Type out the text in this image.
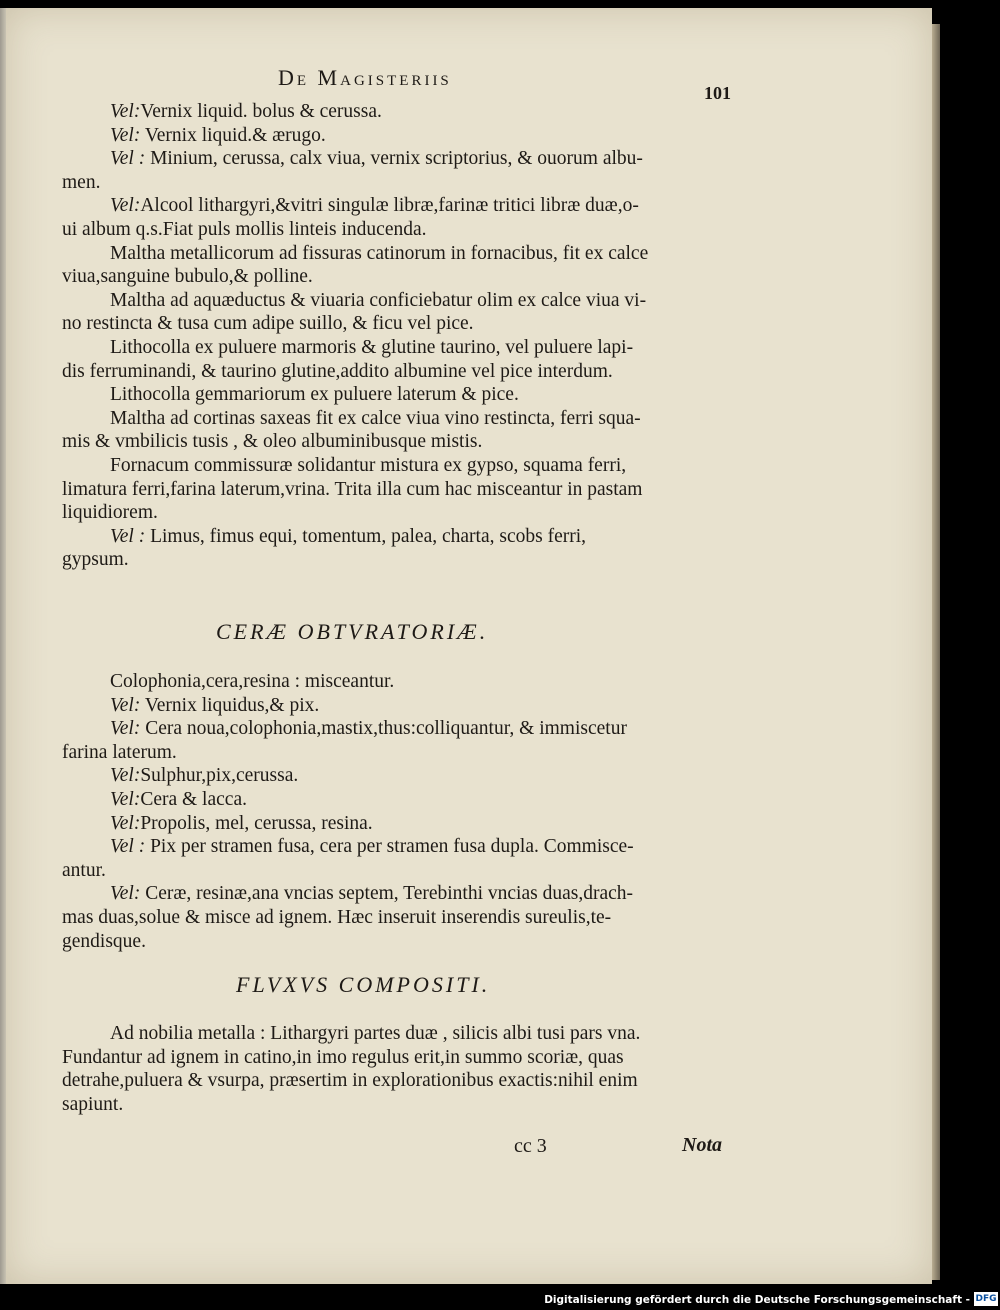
De Magisteriis
101
Vel:Vernix liquid. bolus & cerussa.
Vel: Vernix liquid.& ærugo.
Vel : Minium, cerussa, calx viua, vernix scriptorius, & ouorum albu-
men.
Vel:Alcool lithargyri,&vitri singulæ libræ,farinæ tritici libræ duæ,o-
ui album q.s.Fiat puls mollis linteis inducenda.
Maltha metallicorum ad fissuras catinorum in fornacibus, fit ex calce
viua,sanguine bubulo,& polline.
Maltha ad aquæductus & viuaria conficiebatur olim ex calce viua vi-
no restincta & tusa cum adipe suillo, & ficu vel pice.
Lithocolla ex puluere marmoris & glutine taurino, vel puluere lapi-
dis ferruminandi, & taurino glutine,addito albumine vel pice interdum.
Lithocolla gemmariorum ex puluere laterum & pice.
Maltha ad cortinas saxeas fit ex calce viua vino restincta, ferri squa-
mis & vmbilicis tusis , & oleo albuminibusque mistis.
Fornacum commissuræ solidantur mistura ex gypso, squama ferri,
limatura ferri,farina laterum,vrina. Trita illa cum hac misceantur in pastam
liquidiorem.
Vel : Limus, fimus equi, tomentum, palea, charta, scobs ferri,
gypsum.
CERÆ OBTVRATORIÆ.
Colophonia,cera,resina : misceantur.
Vel: Vernix liquidus,& pix.
Vel: Cera noua,colophonia,mastix,thus:colliquantur, & immiscetur
farina laterum.
Vel:Sulphur,pix,cerussa.
Vel:Cera & lacca.
Vel:Propolis, mel, cerussa, resina.
Vel : Pix per stramen fusa, cera per stramen fusa dupla. Commisce-
antur.
Vel: Ceræ, resinæ,ana vncias septem, Terebinthi vncias duas,drach-
mas duas,solue & misce ad ignem. Hæc inseruit inserendis sureulis,te-
gendisque.
FLVXVS COMPOSITI.
Ad nobilia metalla : Lithargyri partes duæ , silicis albi tusi pars vna.
Fundantur ad ignem in catino,in imo regulus erit,in summo scoriæ, quas
detrahe,puluera & vsurpa, præsertim in explorationibus exactis:nihil enim
sapiunt.
cc 3	Nota
Digitalisierung gefördert durch die Deutsche Forschungsgemeinschaft - DFG
